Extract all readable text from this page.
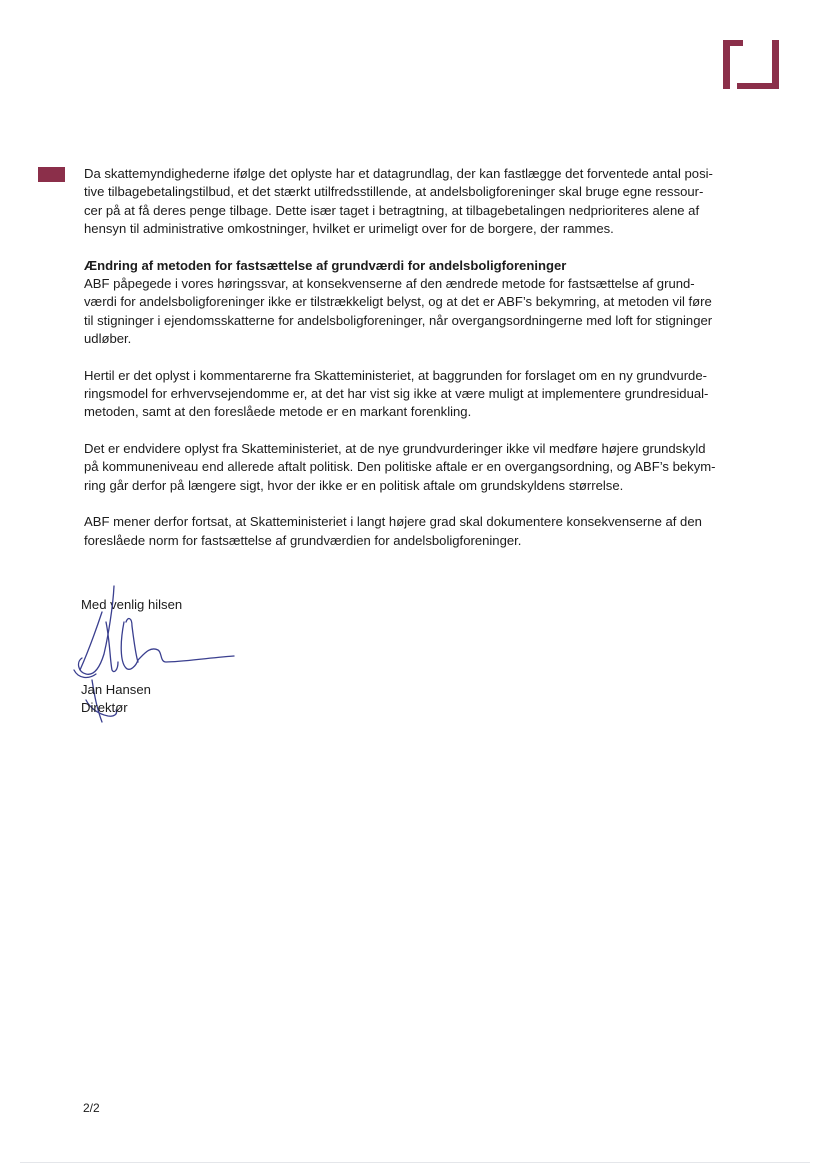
Da skattemyndighederne ifølge det oplyste har et datagrundlag, der kan fastlægge det forventede antal posi-
tive tilbagebetalingstilbud, et det stærkt utilfredsstillende, at andelsboligforeninger skal bruge egne ressour-
cer på at få deres penge tilbage. Dette især taget i betragtning, at tilbagebetalingen nedprioriteres alene af
hensyn til administrative omkostninger, hvilket er urimeligt over for de borgere, der rammes.

Ændring af metoden for fastsættelse af grundværdi for andelsboligforeninger
ABF påpegede i vores høringssvar, at konsekvenserne af den ændrede metode for fastsættelse af grund-
værdi for andelsboligforeninger ikke er tilstrækkeligt belyst, og at det er ABF’s bekymring, at metoden vil føre
til stigninger i ejendomsskatterne for andelsboligforeninger, når overgangsordningerne med loft for stigninger
udløber.

Hertil er det oplyst i kommentarerne fra Skatteministeriet, at baggrunden for forslaget om en ny grundvurde-
ringsmodel for erhvervsejendomme er, at det har vist sig ikke at være muligt at implementere grundresidual-
metoden, samt at den foreslåede metode er en markant forenkling.

Det er endvidere oplyst fra Skatteministeriet, at de nye grundvurderinger ikke vil medføre højere grundskyld
på kommuneniveau end allerede aftalt politisk. Den politiske aftale er en overgangsordning, og ABF’s bekym-
ring går derfor på længere sigt, hvor der ikke er en politisk aftale om grundskyldens størrelse.

ABF mener derfor fortsat, at Skatteministeriet i langt højere grad skal dokumentere konsekvenserne af den
foreslåede norm for fastsættelse af grundværdien for andelsboligforeninger.

Med venlig hilsen
Jan Hansen
Direktør
2/2
